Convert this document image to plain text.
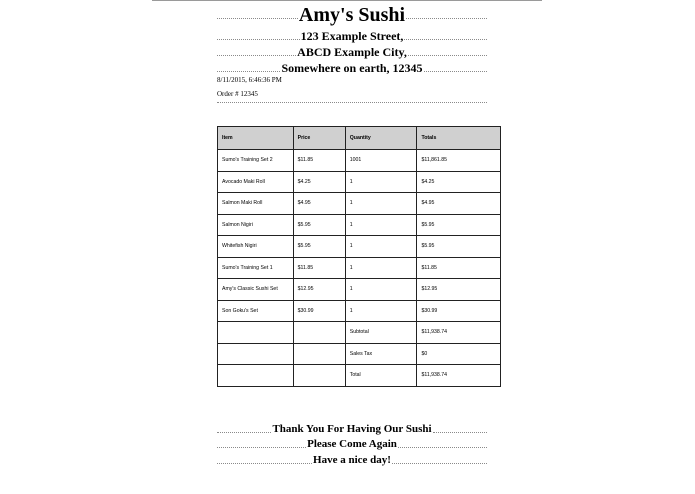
Amy's Sushi
123 Example Street,
ABCD Example City,
Somewhere on earth, 12345
8/11/2015, 6:46:36 PM
Order # 12345
Item	Price	Quantity	Totals
Sumo's Training Set 2	$11.85	1001	$11,861.85
Avocado Maki Roll	$4.25	1	$4.25
Salmon Maki Roll	$4.95	1	$4.95
Salmon Nigiri	$5.95	1	$5.95
Whitefish Nigiri	$5.95	1	$5.95
Sumo's Training Set 1	$11.85	1	$11.85
Amy's Classic Sushi Set	$12.95	1	$12.95
Son Goku's Set	$30.99	1	$30.99
		Subtotal	$11,938.74
		Sales Tax	$0
		Total	$11,938.74
Thank You For Having Our Sushi
Please Come Again
Have a nice day!
